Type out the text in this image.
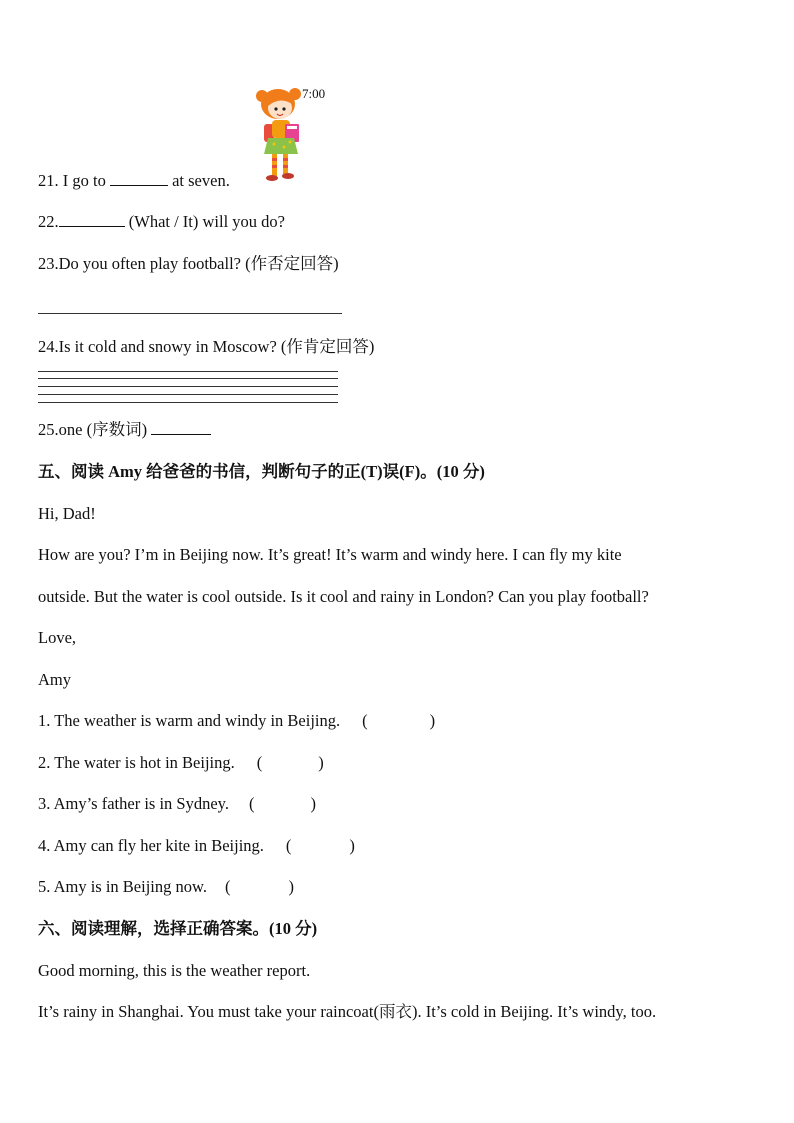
7:00
21. I go to	at seven.
22.	(What / It) will you do?
23.Do you often play football? (作否定回答)
24.Is it cold and snowy in Moscow? (作肯定回答)
25.one (序数词)
五、阅读 Amy 给爸爸的书信，判断句子的正(T)误(F)。(10 分)
Hi, Dad!
How are you? I’m in Beijing now. It’s great! It’s warm and windy here. I can fly my kite
outside. But the water is cool outside. Is it cool and rainy in London? Can you play football?
Love,
Amy
1. The weather is warm and windy in Beijing. (	)
2. The water is hot in Beijing. (	)
3. Amy’s father is in Sydney. (	)
4. Amy can fly her kite in Beijing. (	)
5. Amy is in Beijing now. (	)
六、阅读理解，选择正确答案。(10 分)
Good morning, this is the weather report.
It’s rainy in Shanghai. You must take your raincoat(雨衣). It’s cold in Beijing. It’s windy, too.
